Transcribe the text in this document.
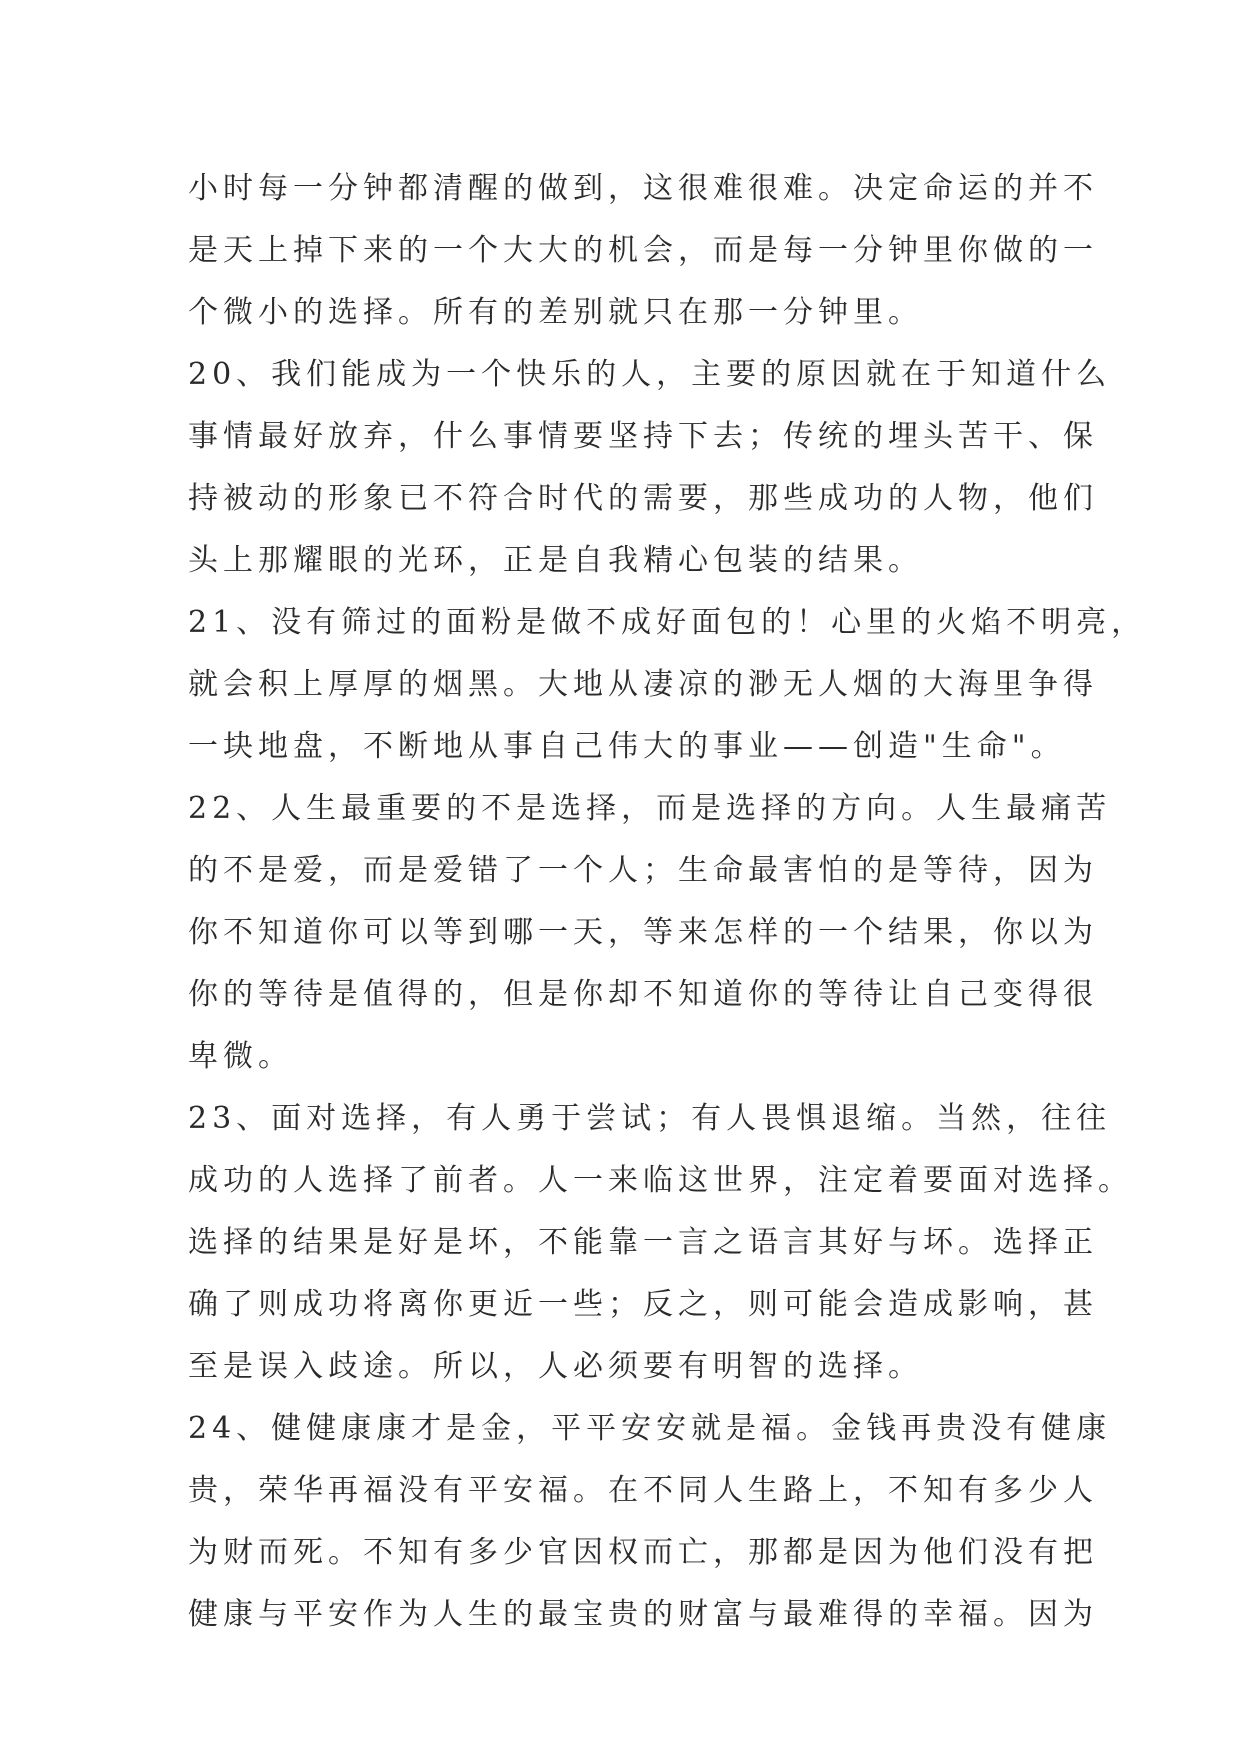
小时每一分钟都清醒的做到，这很难很难。决定命运的并不
是天上掉下来的一个大大的机会，而是每一分钟里你做的一
个微小的选择。所有的差别就只在那一分钟里。
20、我们能成为一个快乐的人，主要的原因就在于知道什么
事情最好放弃，什么事情要坚持下去；传统的埋头苦干、保
持被动的形象已不符合时代的需要，那些成功的人物，他们
头上那耀眼的光环，正是自我精心包装的结果。
21、没有筛过的面粉是做不成好面包的！心里的火焰不明亮，
就会积上厚厚的烟黑。大地从凄凉的渺无人烟的大海里争得
一块地盘，不断地从事自己伟大的事业——创造"生命"。
22、人生最重要的不是选择，而是选择的方向。人生最痛苦
的不是爱，而是爱错了一个人；生命最害怕的是等待，因为
你不知道你可以等到哪一天，等来怎样的一个结果，你以为
你的等待是值得的，但是你却不知道你的等待让自己变得很
卑微。
23、面对选择，有人勇于尝试；有人畏惧退缩。当然，往往
成功的人选择了前者。人一来临这世界，注定着要面对选择。
选择的结果是好是坏，不能靠一言之语言其好与坏。选择正
确了则成功将离你更近一些；反之，则可能会造成影响，甚
至是误入歧途。所以，人必须要有明智的选择。
24、健健康康才是金，平平安安就是福。金钱再贵没有健康
贵，荣华再福没有平安福。在不同人生路上，不知有多少人
为财而死。不知有多少官因权而亡，那都是因为他们没有把
健康与平安作为人生的最宝贵的财富与最难得的幸福。因为
